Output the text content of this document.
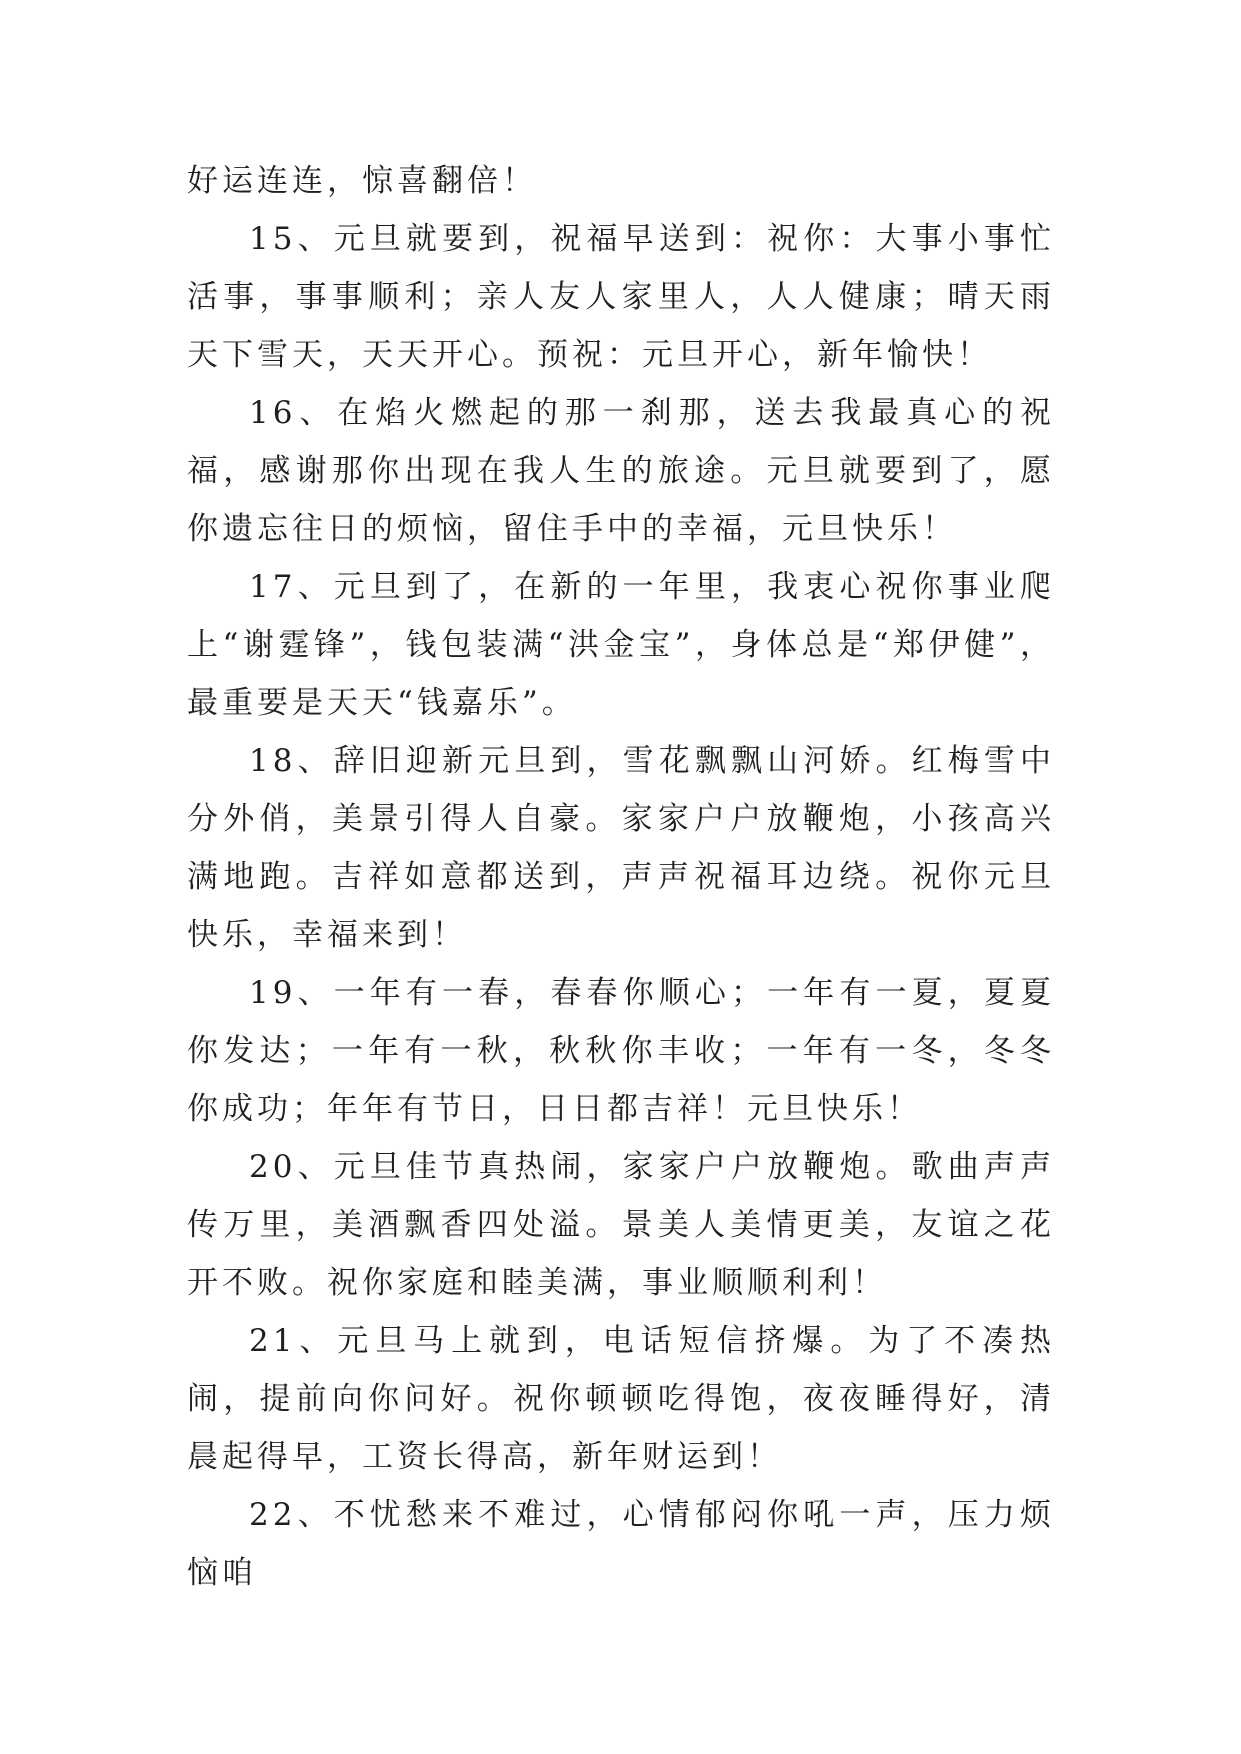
好运连连，惊喜翻倍！

15、元旦就要到，祝福早送到：祝你：大事小事忙活事，事事顺利；亲人友人家里人，人人健康；晴天雨天下雪天，天天开心。预祝：元旦开心，新年愉快！

16、在焰火燃起的那一刹那，送去我最真心的祝福，感谢那你出现在我人生的旅途。元旦就要到了，愿你遗忘往日的烦恼，留住手中的幸福，元旦快乐！

17、元旦到了，在新的一年里，我衷心祝你事业爬上“谢霆锋”，钱包装满“洪金宝”，身体总是“郑伊健”，最重要是天天“钱嘉乐”。

18、辞旧迎新元旦到，雪花飘飘山河娇。红梅雪中分外俏，美景引得人自豪。家家户户放鞭炮，小孩高兴满地跑。吉祥如意都送到，声声祝福耳边绕。祝你元旦快乐，幸福来到！

19、一年有一春，春春你顺心；一年有一夏，夏夏你发达；一年有一秋，秋秋你丰收；一年有一冬，冬冬你成功；年年有节日，日日都吉祥！元旦快乐！

20、元旦佳节真热闹，家家户户放鞭炮。歌曲声声传万里，美酒飘香四处溢。景美人美情更美，友谊之花开不败。祝你家庭和睦美满，事业顺顺利利！

21、元旦马上就到，电话短信挤爆。为了不凑热闹，提前向你问好。祝你顿顿吃得饱，夜夜睡得好，清晨起得早，工资长得高，新年财运到！

22、不忧愁来不难过，心情郁闷你吼一声，压力烦恼咱
